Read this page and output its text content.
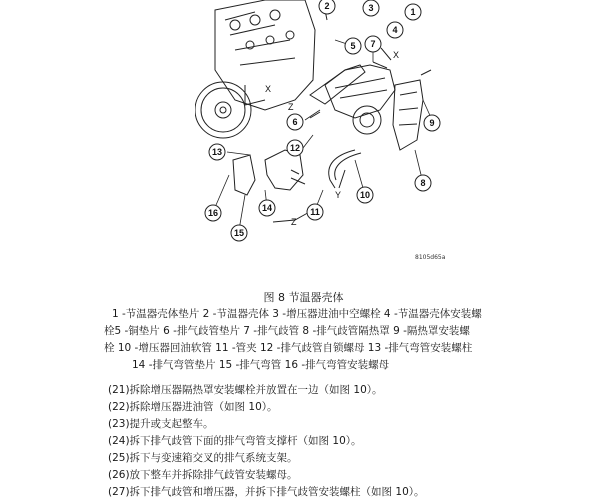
5 7
6
12
13
8
9
10
11
14
15
16
1
2	3
4
X
X
Y
Z
Z
8105d65a
图 8 节温器壳体
1 -节温器壳体垫片 2 -节温器壳体 3 -增压器进油中空螺栓 4 -节温器壳体安装螺
栓5 -铜垫片 6 -排气歧管垫片 7 -排气歧管 8 -排气歧管隔热罩 9 -隔热罩安装螺
栓 10 -增压器回油软管 11 -管夹 12 -排气歧管自锁螺母 13 -排气弯管安装螺柱
14 -排气弯管垫片 15 -排气弯管 16 -排气弯管安装螺母
(21)拆除增压器隔热罩安装螺栓并放置在一边（如图 10）。
(22)拆除增压器进油管（如图 10）。
(23)提升或支起整车。
(24)拆下排气歧管下面的排气弯管支撑杆（如图 10）。
(25)拆下与变速箱交叉的排气系统支架。
(26)放下整车并拆除排气歧管安装螺母。
(27)拆下排气歧管和增压器，并拆下排气歧管安装螺柱（如图 10）。
